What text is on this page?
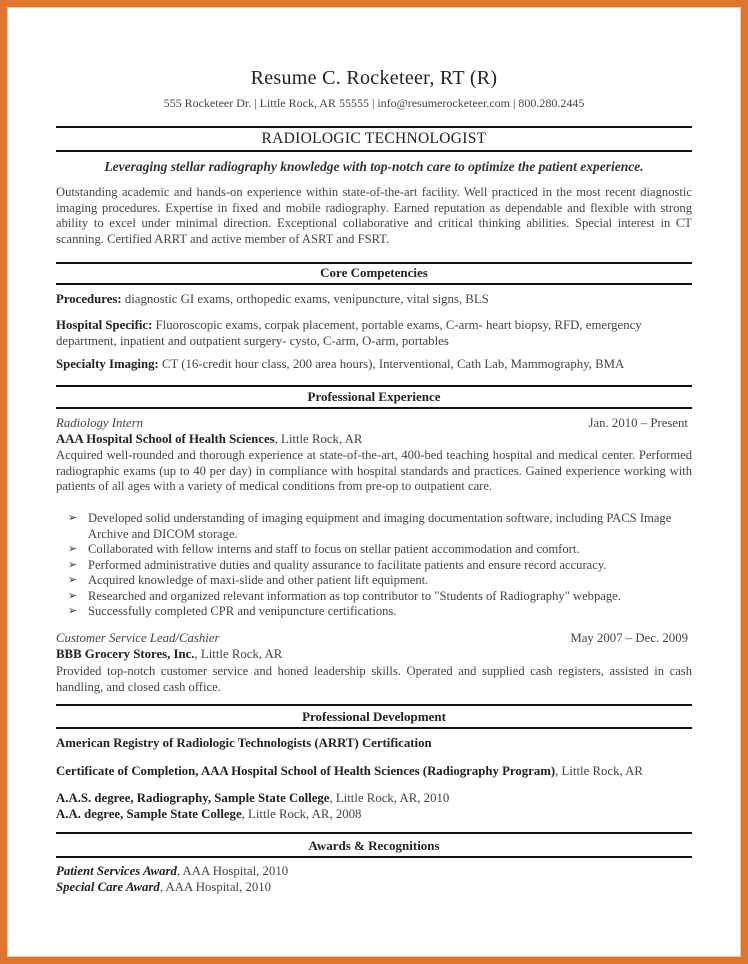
Resume C. Rocketeer, RT (R)
555 Rocketeer Dr. | Little Rock, AR 55555 | info@resumerocketeer.com | 800.280.2445
RADIOLOGIC TECHNOLOGIST
Leveraging stellar radiography knowledge with top-notch care to optimize the patient experience.
Outstanding academic and hands-on experience within state-of-the-art facility. Well practiced in the most recent diagnostic imaging procedures. Expertise in fixed and mobile radiography. Earned reputation as dependable and flexible with strong ability to excel under minimal direction. Exceptional collaborative and critical thinking abilities. Special interest in CT scanning. Certified ARRT and active member of ASRT and FSRT.
Core Competencies
Procedures: diagnostic GI exams, orthopedic exams, venipuncture, vital signs, BLS
Hospital Specific: Fluoroscopic exams, corpak placement, portable exams, C-arm- heart biopsy, RFD, emergency department, inpatient and outpatient surgery- cysto, C-arm, O-arm, portables
Specialty Imaging: CT (16-credit hour class, 200 area hours), Interventional, Cath Lab, Mammography, BMA
Professional Experience
Radiology Intern	Jan. 2010 – Present
AAA Hospital School of Health Sciences, Little Rock, AR
Acquired well-rounded and thorough experience at state-of-the-art, 400-bed teaching hospital and medical center. Performed radiographic exams (up to 40 per day) in compliance with hospital standards and practices. Gained experience working with patients of all ages with a variety of medical conditions from pre-op to outpatient care.
➢ Developed solid understanding of imaging equipment and imaging documentation software, including PACS Image Archive and DICOM storage.
➢ Collaborated with fellow interns and staff to focus on stellar patient accommodation and comfort.
➢ Performed administrative duties and quality assurance to facilitate patients and ensure record accuracy.
➢ Acquired knowledge of maxi-slide and other patient lift equipment.
➢ Researched and organized relevant information as top contributor to "Students of Radiography" webpage.
➢ Successfully completed CPR and venipuncture certifications.
Customer Service Lead/Cashier	May 2007 – Dec. 2009
BBB Grocery Stores, Inc., Little Rock, AR
Provided top-notch customer service and honed leadership skills. Operated and supplied cash registers, assisted in cash handling, and closed cash office.
Professional Development
American Registry of Radiologic Technologists (ARRT) Certification
Certificate of Completion, AAA Hospital School of Health Sciences (Radiography Program), Little Rock, AR
A.A.S. degree, Radiography, Sample State College, Little Rock, AR, 2010
A.A. degree, Sample State College, Little Rock, AR, 2008
Awards & Recognitions
Patient Services Award, AAA Hospital, 2010
Special Care Award, AAA Hospital, 2010
